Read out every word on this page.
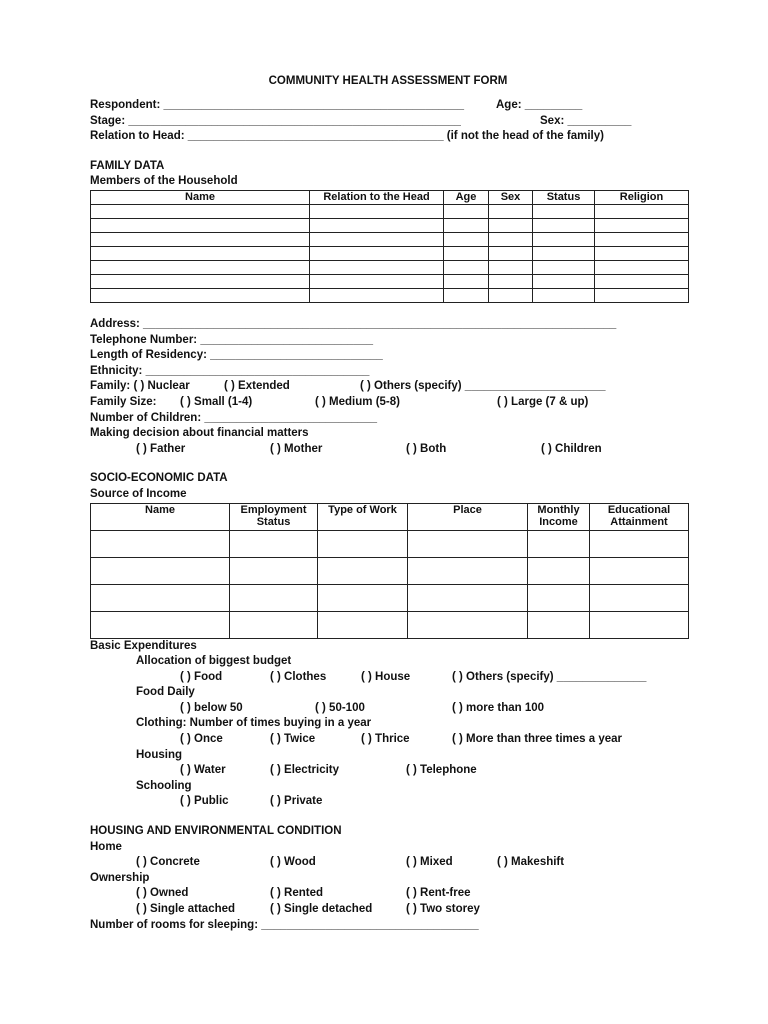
COMMUNITY HEALTH ASSESSMENT FORM
Respondent: _______________________________________________	Age: _________
Stage: ____________________________________________________	Sex: __________
Relation to Head: ________________________________________ (if not the head of the family)
FAMILY DATA
Members of the Household
Name	Relation to the Head	Age	Sex	Status	Religion

Address: __________________________________________________________________________
Telephone Number: ___________________________
Length of Residency: ___________________________
Ethnicity: ___________________________________
Family: ( ) Nuclear	( ) Extended	( ) Others (specify) ______________________
Family Size: ( ) Small (1-4)	( ) Medium (5-8)	( ) Large (7 & up)
Number of Children: ___________________________
Making decision about financial matters
( ) Father	( ) Mother	( ) Both	( ) Children
SOCIO-ECONOMIC DATA
Source of Income
Name	Employment Status	Type of Work	Place	Monthly Income	Educational Attainment

Basic Expenditures
Allocation of biggest budget
( ) Food	( ) Clothes	( ) House	( ) Others (specify) ______________
Food Daily
( ) below 50	( ) 50-100	( ) more than 100
Clothing: Number of times buying in a year
( ) Once	( ) Twice	( ) Thrice	( ) More than three times a year
Housing
( ) Water	( ) Electricity	( ) Telephone
Schooling
( ) Public	( ) Private
HOUSING AND ENVIRONMENTAL CONDITION
Home
( ) Concrete	( ) Wood	( ) Mixed	( ) Makeshift
Ownership
( ) Owned	( ) Rented	( ) Rent-free
( ) Single attached	( ) Single detached	( ) Two storey
Number of rooms for sleeping: __________________________________
